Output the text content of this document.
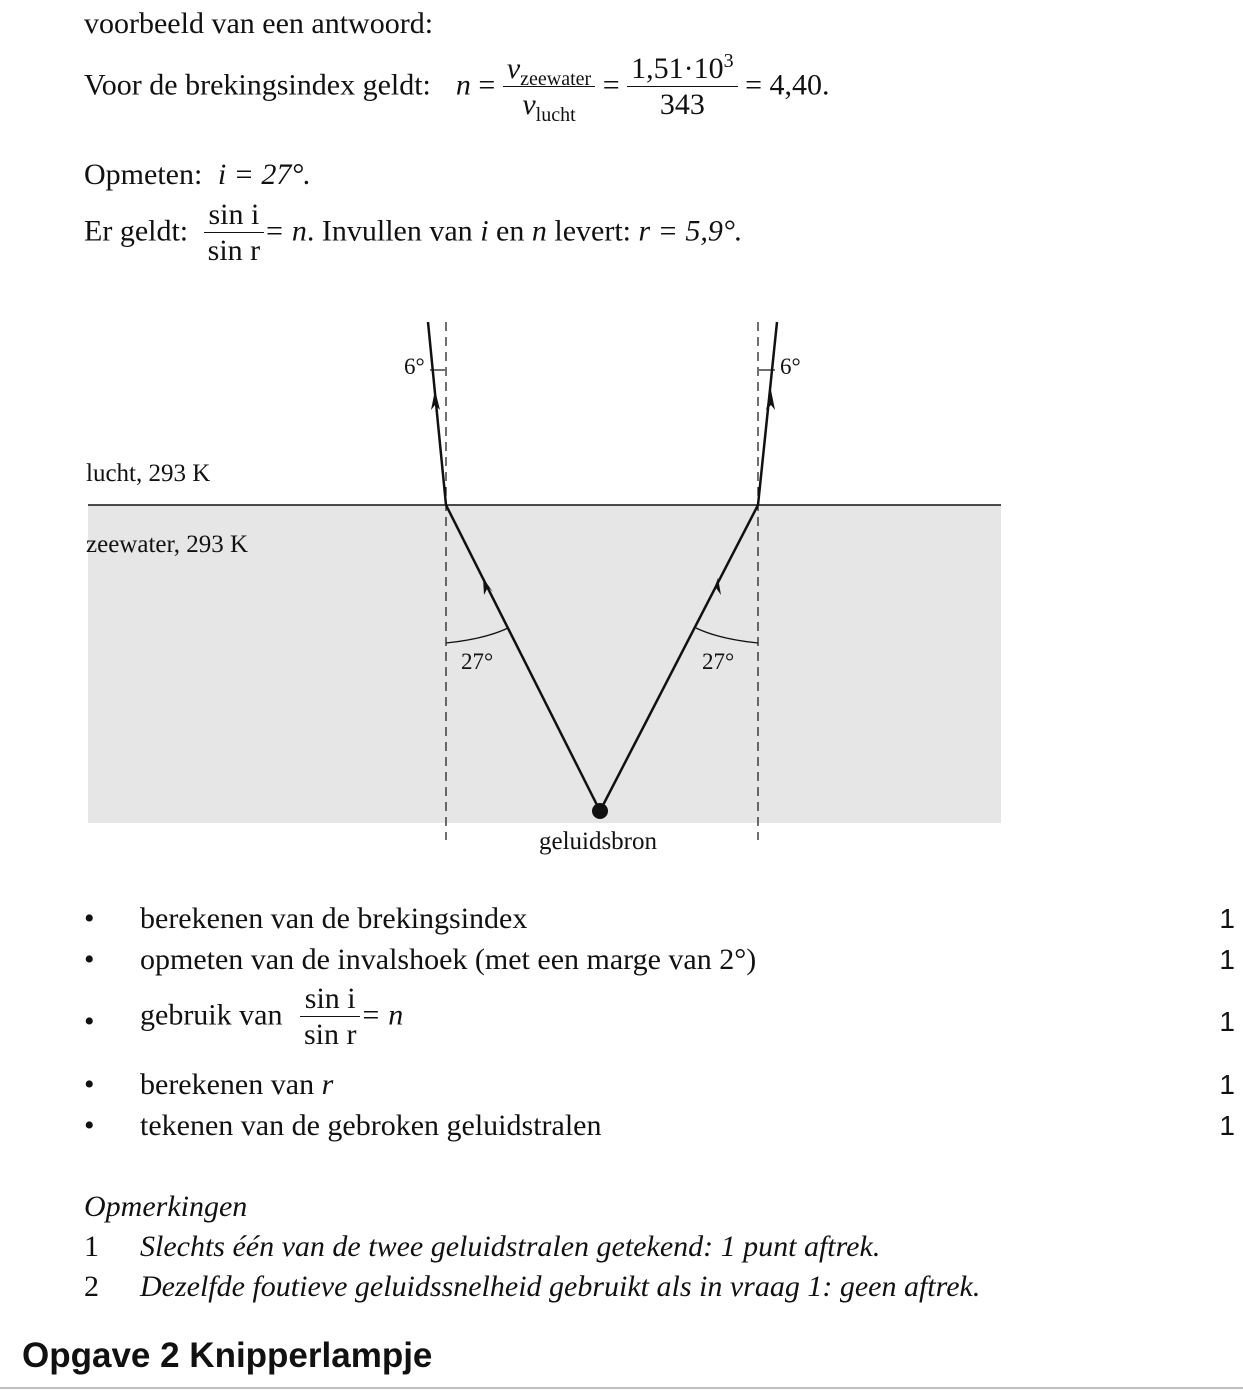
voorbeeld van een antwoord:
Voor de brekingsindex geldt: $n = \frac{v_{zeewater}}{v_{lucht}} = \frac{1,51\cdot 10^3}{343} = 4,40$.
Opmeten: i = 27°.
Er geldt: $\frac{\text{sin i}}{\text{sin r}} = n$. Invullen van i en n levert: r = 5,9°.
lucht, 293 K
zeewater, 293 K
geluidsbron
6°	6°
27°	27°
• berekenen van de brekingsindex	1
• opmeten van de invalshoek (met een marge van 2°)	1
• gebruik van $\frac{\text{sin i}}{\text{sin r}} = n$	1
• berekenen van r	1
• tekenen van de gebroken geluidstralen	1
Opmerkingen
1 Slechts één van de twee geluidstralen getekend: 1 punt aftrek.
2 Dezelfde foutieve geluidssnelheid gebruikt als in vraag 1: geen aftrek.
Opgave 2 Knipperlampje
